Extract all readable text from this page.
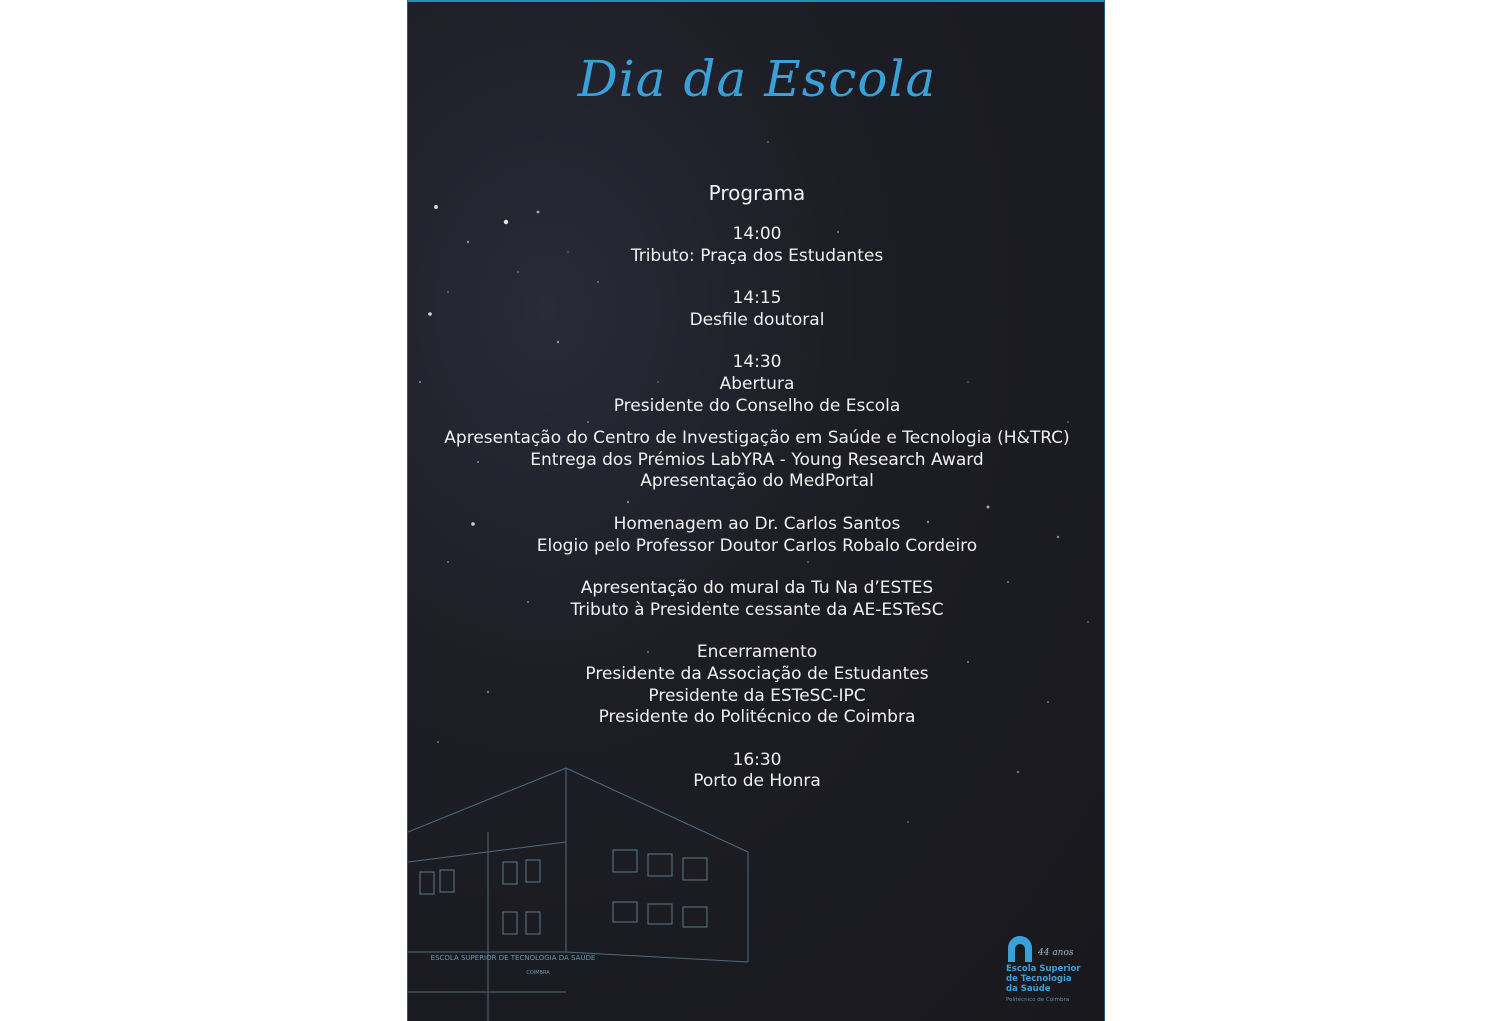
Dia da Escola
Programa
14:00
Tributo: Praça dos Estudantes
14:15
Desfile doutoral
14:30
Abertura
Presidente do Conselho de Escola
Apresentação do Centro de Investigação em Saúde e Tecnologia (H&TRC)
Entrega dos Prémios LabYRA - Young Research Award
Apresentação do MedPortal
Homenagem ao Dr. Carlos Santos
Elogio pelo Professor Doutor Carlos Robalo Cordeiro
Apresentação do mural da Tu Na d’ESTES
Tributo à Presidente cessante da AE-ESTeSC
Encerramento
Presidente da Associação de Estudantes
Presidente da ESTeSC-IPC
Presidente do Politécnico de Coimbra
16:30
Porto de Honra
ESCOLA SUPERIOR DE TECNOLOGIA DA SAÚDE
COIMBRA
44 anos
Escola Superior
de Tecnologia
da Saúde
Politécnico de Coimbra
